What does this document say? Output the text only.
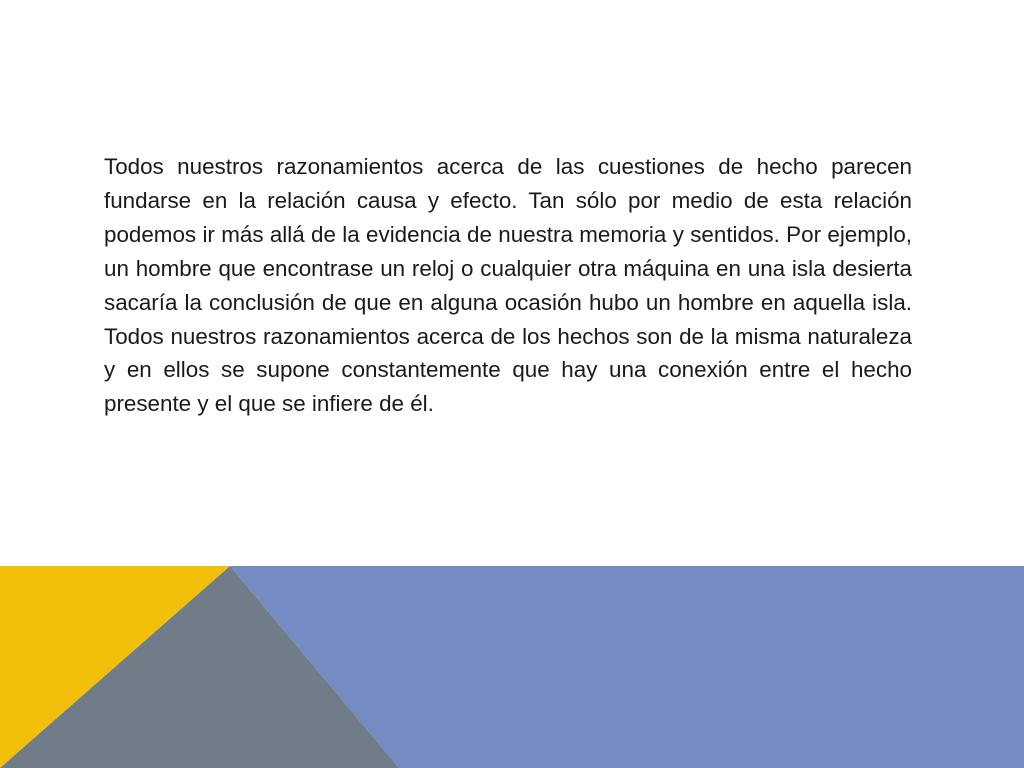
Todos nuestros razonamientos acerca de las cuestiones de hecho parecen fundarse en la relación causa y efecto. Tan sólo por medio de esta relación podemos ir más allá de la evidencia de nuestra memoria y sentidos. Por ejemplo, un hombre que encontrase un reloj o cualquier otra máquina en una isla desierta sacaría la conclusión de que en alguna ocasión hubo un hombre en aquella isla. Todos nuestros razonamientos acerca de los hechos son de la misma naturaleza y en ellos se supone constantemente que hay una conexión entre el hecho presente y el que se infiere de él.
